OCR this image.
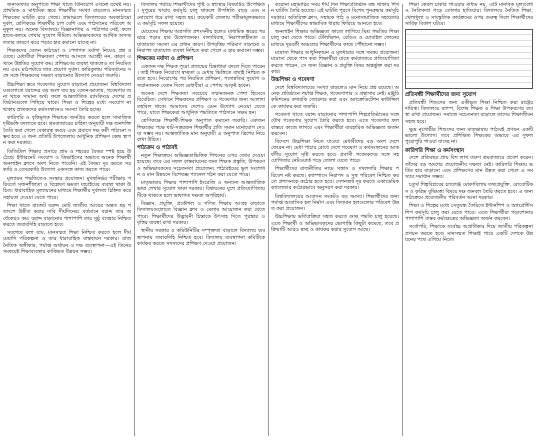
জনসংখ্যার অনুপাতে শিক্ষা খাতে বিনিয়োগ এখনো যথেষ্ট নয়। প্রাথমিক ও মাধ্যমিক স্তরে শিক্ষার্থীর সংখ্যা বাড়লেও মানসম্মত শিক্ষকের ঘাটতি রয়ে গেছে। গ্রামাঞ্চলে বিদ্যালয়ের অবকাঠামো দুর্বল, শ্রেণিকক্ষে শিক্ষার্থীর চাপ বেশি এবং পাঠদানের পরিবেশ অনুকূল নয়। অনেক বিদ্যালয়ে বিজ্ঞানাগার ও পাঠাগার নেই, ফলে হাতে-কলমে শেখার সুযোগ সীমিত। অভিভাবকদের আর্থিক অসচ্ছলতার কারণে ঝরে পড়ার হার কমানো যাচ্ছে না।

শিক্ষকদের বেতন কাঠামো ও পেশাগত মর্যাদা নিয়েও প্রশ্ন রয়েছে। মেধাবীরা শিক্ষকতা পেশায় আসতে আগ্রহী নন, কারণ এখানে উন্নতির সুযোগ কম। প্রশিক্ষণের ব্যবস্থা থাকলেও তা নিয়মিত নয় এবং মাঠপর্যায়ে তার প্রয়োগ দুর্বল। কারিকুলাম পরিবর্তনের সঙ্গে সঙ্গে শিক্ষকদের দক্ষতা বাড়ানোর উদ্যোগ নেওয়া জরুরি।

উচ্চশিক্ষা স্তরে গবেষণার সুযোগ বাড়ানো প্রয়োজন। বিশ্ববিদ্যালয়গুলোতে বরাদ্দের বড় অংশ ব্যয় হয় বেতন-ভাতায়, গবেষণার জন্য থাকে সামান্য অর্থ। ফলে আন্তর্জাতিক র‍্যাংকিংয়ে দেশের প্রতিষ্ঠানগুলো পিছিয়ে থাকে। শিক্ষা ও শিল্পের মধ্যে সংযোগ না থাকায় স্নাতকদের কর্মসংস্থানেও সমস্যা তৈরি হচ্ছে।

কারিগরি ও বৃত্তিমূলক শিক্ষাকে জনপ্রিয় করতে হলে সামাজিক দৃষ্টিভঙ্গি বদলাতে হবে। শ্রমবাজারের চাহিদা অনুযায়ী দক্ষ জনশক্তি তৈরি করা গেলে বেকারত্ব কমবে এবং প্রবাসে দক্ষ কর্মী পাঠানো সম্ভব হবে। এ জন্য প্রতিটি উপজেলায় আধুনিক প্রশিক্ষণ কেন্দ্র স্থাপন করা দরকার।

ডিজিটাল শিক্ষার প্রসারে গ্রাম ও শহরের বৈষম্য স্পষ্ট হয়ে উঠেছে। ইন্টারনেট সংযোগ ও ডিভাইসের অভাবে অনেক শিক্ষার্থী অনলাইন ক্লাসে অংশ নিতে পারেনি। এই বৈষম্য দূর করতে সরকারি ও বেসরকারি উদ্যোগ একসঙ্গে কাজ করতে পারে।

মূল্যায়ন পদ্ধতিতেও সংস্কার প্রয়োজন। মুখস্থনির্ভর পরীক্ষার পরিবর্তে সৃজনশীলতা ও বিশ্লেষণ ক্ষমতা যাচাইয়ের ব্যবস্থা থাকা উচিত। ধারাবাহিক মূল্যায়নের মাধ্যমে শিক্ষার্থীর দুর্বলতা চিহ্নিত করে সহায়তা দেওয়া যেতে পারে।

শিক্ষা খাতে বাজেট বরাদ্দ মোট জাতীয় আয়ের অন্তত ছয় শতাংশে উন্নীত করার দাবি দীর্ঘদিনের। বর্তমানে বরাদ্দ তার অর্ধেকেরও কম। বরাদ্দ বাড়ানোর পাশাপাশি তার সুষ্ঠু ব্যবহার নিশ্চিত করতে জবাবদিহি বাড়াতে হবে।

সবশেষে বলা যায়, মানসম্মত শিক্ষা নিশ্চিত করতে হলে দীর্ঘমেয়াদি পরিকল্পনা ও তার ধারাবাহিক বাস্তবায়ন দরকার। রাজনৈতিক অঙ্গীকার, পর্যাপ্ত অর্থায়ন ও দক্ষ ব্যবস্থাপনা—এই তিনের সমন্বয়েই শিক্ষাব্যবস্থার কাঙ্ক্ষিত উন্নয়ন সম্ভব।

বিদ্যালয় পর্যায়ে শিক্ষার্থীদের পুষ্টি ও স্বাস্থ্যের বিষয়টিও উপেক্ষিত। দুপুরের খাবার কর্মসূচি চালু থাকলে উপস্থিতি বাড়ে এবং মনোযোগ ধরে রাখা সহজ হয়। কয়েকটি জেলায় পরীক্ষামূলকভাবে এ কর্মসূচি সফল হয়েছে।

মেয়েদের শিক্ষায় অগ্রগতি প্রশংসনীয় হলেও মাধ্যমিক স্তরের পর ঝরে পড়ার হার উদ্বেগজনক। বাল্যবিবাহ, নিরাপত্তাহীনতা ও যাতায়াত সমস্যা এর প্রধান কারণ। উপবৃত্তির পরিমাণ বাড়ানো ও নিরাপদ যাতায়াত ব্যবস্থা নিশ্চিত করা গেলে এ হার কমানো সম্ভব।

শিক্ষকের মর্যাদা ও প্রশিক্ষণ

একজন দক্ষ শিক্ষক পুরো প্রজন্মের চিন্তাধারা বদলে দিতে পারেন। তাই শিক্ষক নিয়োগে স্বচ্ছতা ও মেধার ভিত্তিতে বাছাই নিশ্চিত করতে হবে। নিয়োগের পর নিয়মিত প্রশিক্ষণ, পদোন্নতির সুযোগ ও সম্মানজনক বেতন দিলে মেধাবীরা এ পেশায় আকৃষ্ট হবেন।

অনেক দেশে শিক্ষকতা সবচেয়ে সম্মানজনক পেশা হিসেবে বিবেচিত। সেখানে শিক্ষকদের প্রশিক্ষণ ও গবেষণার জন্য আলাদা তহবিল থাকে। আমাদের দেশেও এমন উদ্যোগ নেওয়া যেতে পারে, যাতে শিক্ষকেরা আধুনিক পদ্ধতিতে পাঠদানে সক্ষম হন।

শ্রেণিকক্ষে শিক্ষার্থী-শিক্ষক অনুপাত কমানো জরুরি। একজন শিক্ষকের পক্ষে ষাট-সত্তরজন শিক্ষার্থীর প্রতি সমান মনোযোগ দেওয়া সম্ভব নয়। আন্তর্জাতিক মান অনুযায়ী এ অনুপাত ত্রিশের নিচে রাখা উচিত।

পাঠ্যক্রম ও পাঠ্যবই

নতুন শিক্ষাক্রমে অভিজ্ঞতাভিত্তিক শিখনের ওপর জোর দেওয়া হয়েছে। তবে এর সফল বাস্তবায়নের জন্য শিক্ষক প্রস্তুতি, উপকরণ ও অভিভাবকদের সচেতনতা প্রয়োজন। পাঠ্যবইয়ের ভুল সংশোধন ও মান উন্নয়নে বিশেষজ্ঞ প্যানেল গঠন করা যেতে পারে।

মাতৃভাষায় শিক্ষার পাশাপাশি ইংরেজি ও অন্যান্য আন্তর্জাতিক ভাষা শেখার সুযোগ থাকা দরকার। বিশ্বায়নের যুগে প্রতিযোগিতায় টিকে থাকতে হলে ভাষাগত দক্ষতা অপরিহার্য।

বিজ্ঞান, প্রযুক্তি, প্রকৌশল ও গণিত শিক্ষায় আগ্রহ বাড়াতে বিদ্যালয়গুলোতে বিজ্ঞান ক্লাব ও মেলার আয়োজন করা যেতে পারে। শিক্ষার্থীদের উদ্ভাবনী চিন্তাকে উৎসাহ দিতে পুরস্কার ও বৃত্তির ব্যবস্থা রাখা দরকার।

স্থানীয় সরকার ও কমিউনিটির সম্পৃক্ততা বাড়ালে বিদ্যালয় ব্যবস্থাপনায় জবাবদিহি নিশ্চিত হবে। বিদ্যালয় ব্যবস্থাপনা কমিটিকে কার্যকর করতে সদস্যদের প্রশিক্ষণ দেওয়া প্রয়োজন।

করোনা মহামারির সময় দীর্ঘ দিন শিক্ষাপ্রতিষ্ঠান বন্ধ থাকায় শিখন ঘাটতি তৈরি হয়েছে। এই ঘাটতি পূরণে বিশেষ পুনরুদ্ধার কর্মসূচি দরকার। অতিরিক্ত ক্লাস, সহায়ক পাঠ ও মনোসামাজিক সহায়তার মাধ্যমে শিক্ষার্থীদের স্বাভাবিক ধারায় ফিরিয়ে আনতে হবে।

অনলাইন শিক্ষার অভিজ্ঞতা কাজে লাগিয়ে মিশ্র পদ্ধতির শিক্ষা চালু করা যেতে পারে। টেলিভিশন, রেডিও ও মোবাইল ফোনের মাধ্যমে দূরবর্তী অঞ্চলের শিক্ষার্থীদের কাছে পৌঁছানো সম্ভব।

মাদ্রাসা শিক্ষার আধুনিকায়ন ও মূলধারার সঙ্গে সমন্বয় প্রয়োজন। মাদ্রাসা থেকে পাস করা শিক্ষার্থীরা যাতে কর্মবাজারে প্রতিযোগিতা করতে পারেন, সে জন্য বিজ্ঞান ও প্রযুক্তি বিষয় অন্তর্ভুক্ত করা দরকার।

উচ্চশিক্ষা ও গবেষণা

দেশে বিশ্ববিদ্যালয়ের সংখ্যা বাড়লেও মান নিয়ে প্রশ্ন রয়েছে। অনেক প্রতিষ্ঠানে পর্যাপ্ত শিক্ষক, গবেষণাগার ও গ্রন্থাগার নেই। মঞ্জুরি কমিশনের তদারকি জোরদার করা এবং অ্যাক্রেডিটেশন কাউন্সিলকে কার্যকর করা জরুরি।

গবেষণা খাতে বরাদ্দ বাড়ানোর পাশাপাশি শিল্পপ্রতিষ্ঠানের সঙ্গে যৌথ গবেষণার সুযোগ তৈরি করতে হবে। এতে গবেষণার ফল বাস্তবে কাজে লাগবে এবং শিক্ষার্থীরা ব্যবহারিক অভিজ্ঞতা অর্জন করবেন।

বিদেশে উচ্চশিক্ষা নিতে যাওয়া মেধাবীদের বড় অংশ দেশে ফেরেন না। মেধা পাচার রোধে দেশে গবেষণা ও কর্মসংস্থানের আকর্ষণীয় সুযোগ সৃষ্টি করতে হবে। প্রবাসী গবেষকদের সঙ্গে সহযোগিতার নেটওয়ার্ক গড়ে তোলা যেতে পারে।

শিক্ষার্থীদের রাজনীতির নামে সন্ত্রাস ও দখলদারি শিক্ষার পরিবেশ নষ্ট করছে। ক্যাম্পাসে নিরাপদ ও সুস্থ পরিবেশ নিশ্চিত করতে প্রশাসনকে কঠোর হতে হবে। সেশনজট দূর করতে একাডেমিক ক্যালেন্ডার কঠোরভাবে অনুসরণ করা দরকার।

বিশ্ববিদ্যালয়ের আবাসন সংকটও বড় সমস্যা। শিক্ষার্থীদের জন্য পর্যাপ্ত আবাসিক হল নির্মাণ এবং বিদ্যমান হলগুলোর পরিবেশ উন্নত করা প্রয়োজন।

উচ্চশিক্ষায় ভর্তিপ্রক্রিয়া সহজ করতে গুচ্ছ পদ্ধতি চালু হয়েছে। এতে শিক্ষার্থী ও অভিভাবকদের ভোগান্তি কিছুটা কমেছে, তবে প্রক্রিয়াটি আরও স্বচ্ছ ও কার্যকর করার সুযোগ আছে।

শিক্ষা কেবল চাকরি পাওয়ার মাধ্যম নয়, এটি মানবিক মূল্যবোধ ও নৈতিকতা গড়ে তোলার হাতিয়ার। বিদ্যালয়ে নৈতিক শিক্ষা, খেলাধুলা ও সাংস্কৃতিক কার্যক্রমের ওপর গুরুত্ব দিলে শিক্ষার্থীদের সার্বিক বিকাশ ঘটবে।

প্রতিবন্ধী শিক্ষার্থীদের জন্য সুযোগ

প্রতিবন্ধী শিশুদের জন্য একীভূত শিক্ষা নিশ্চিত করা রাষ্ট্রের দায়িত্ব। বিদ্যালয়ে র‍্যাম্প, বিশেষ শিক্ষক ও শিক্ষা উপকরণের ব্যবস্থা রাখা প্রয়োজন। সমাজে সচেতনতা বাড়ালে তাদের শিক্ষাজীবন সহজ হবে।

ক্ষুদ্র নৃগোষ্ঠীর শিশুদের জন্য মাতৃভাষায় পাঠ্যবই প্রণয়ন একটি ভালো উদ্যোগ। তবে প্রশিক্ষিত শিক্ষকের অভাবে এর সুফল পুরোপুরি পাওয়া যাচ্ছে না।

কারিগরি শিক্ষা ও কর্মসংস্থান

দেশে প্রতিবছর প্রায় বিশ লাখ তরুণ শ্রমবাজারে প্রবেশ করেন। তাঁদের বড় অংশের প্রয়োজনীয় দক্ষতা নেই। কারিগরি শিক্ষায় ভর্তির হার বাড়ানো এবং প্রশিক্ষণের মান উন্নত করা গেলে এ সমস্যার সমাধান সম্ভব।

চতুর্থ শিল্পবিপ্লবের চ্যালেঞ্জ মোকাবিলায় তথ্যপ্রযুক্তি, রোবোটিকস ও কৃত্রিম বুদ্ধিমত্তা বিষয়ে দক্ষ জনবল তৈরি করতে হবে। এ জন্য পাঠ্যক্রমে প্রয়োজনীয় পরিবর্তন আনা দরকার।

শিক্ষা ও শিল্পের মধ্যে সেতুবন্ধ তৈরিতে ইন্টার্নশিপ ও অ্যাপ্রেন্টিসশিপ কর্মসূচি চালু করা যেতে পারে। এতে শিক্ষার্থীরা পড়াশোনার পাশাপাশি বাস্তব কর্মক্ষেত্রের অভিজ্ঞতা অর্জন করবেন।

সর্বোপরি, শিক্ষাকে সর্বোচ্চ অগ্রাধিকার দিয়ে জাতীয় পরিকল্পনা প্রণয়ন করতে হবে। মানসম্মত শিক্ষাই পারে একটি দেশকে উন্নয়নের পথে এগিয়ে নিতে।
